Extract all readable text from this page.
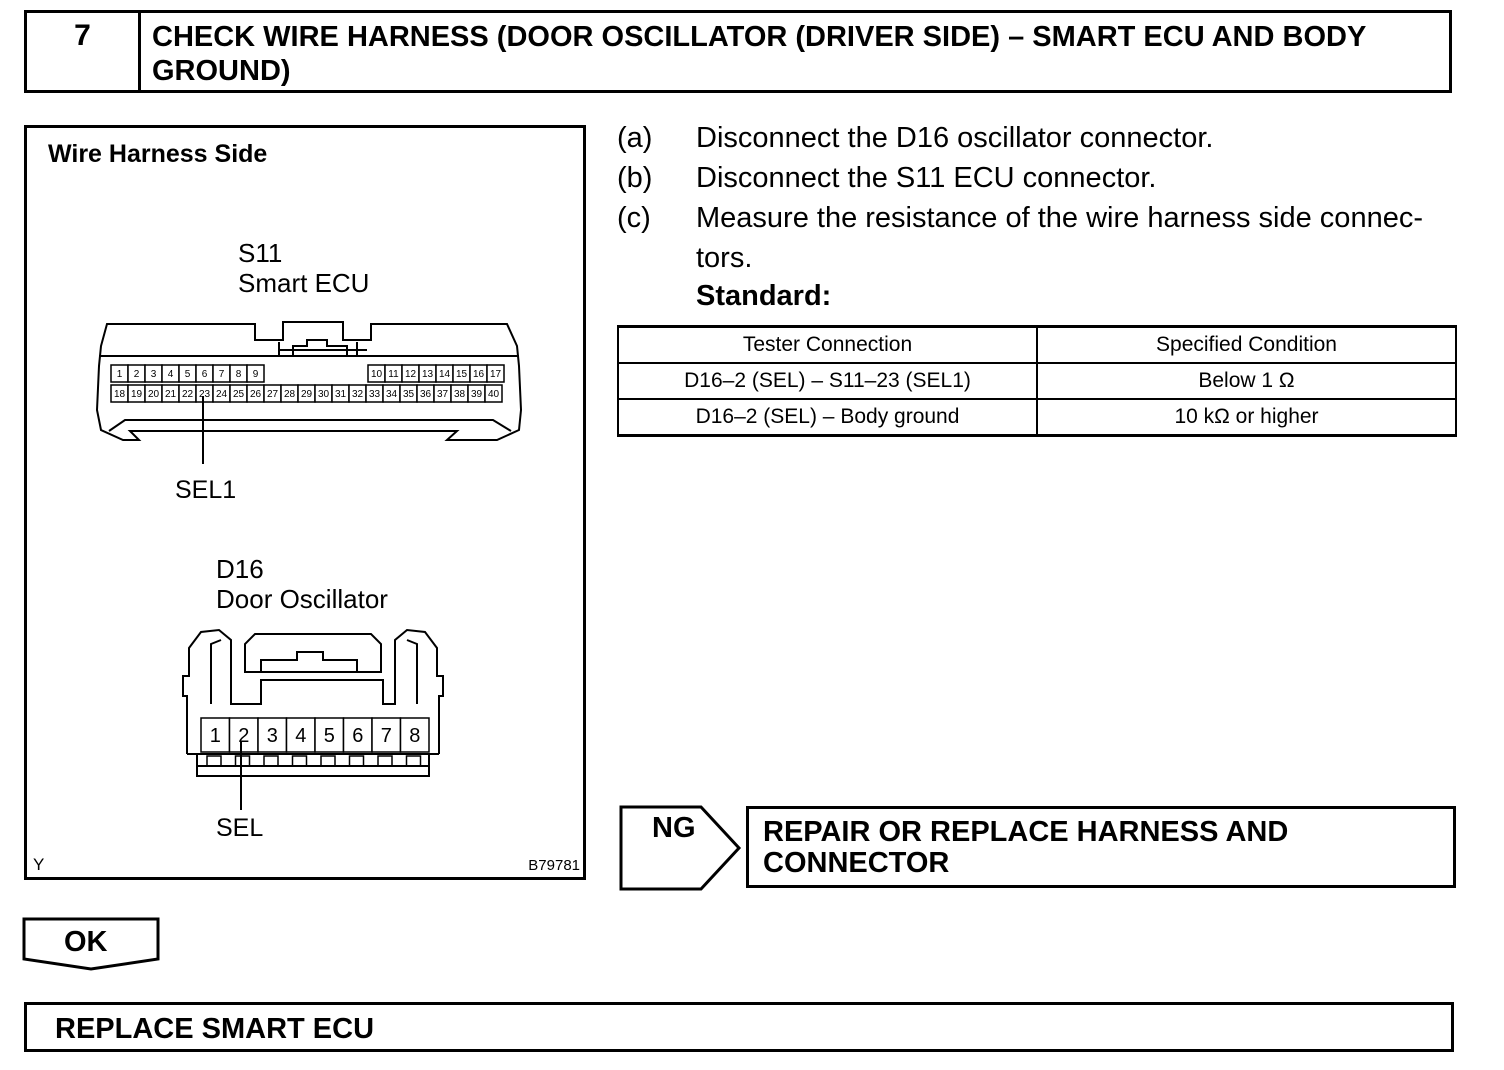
7	CHECK WIRE HARNESS (DOOR OSCILLATOR (DRIVER SIDE) – SMART ECU AND BODY GROUND)
Wire Harness Side
S11
Smart ECU
1 2 3 4 5 6 7 8 9	10 11 12 13 14 15 16 17
18 19 20 21 22 23 24 25 26 27 28 29 30 31 32 33 34 35 36 37 38 39 40
SEL1
D16
Door Oscillator
1 2 3 4 5 6 7 8
SEL
Y	B79781
(a)	Disconnect the D16 oscillator connector.
(b)	Disconnect the S11 ECU connector.
(c)	Measure the resistance of the wire harness side connec- tors.
Standard:
Tester Connection	Specified Condition
D16–2 (SEL) – S11–23 (SEL1)	Below 1 Ω
D16–2 (SEL) – Body ground	10 kΩ or higher
NG REPAIR OR REPLACE HARNESS AND CONNECTOR
OK
REPLACE SMART ECU
